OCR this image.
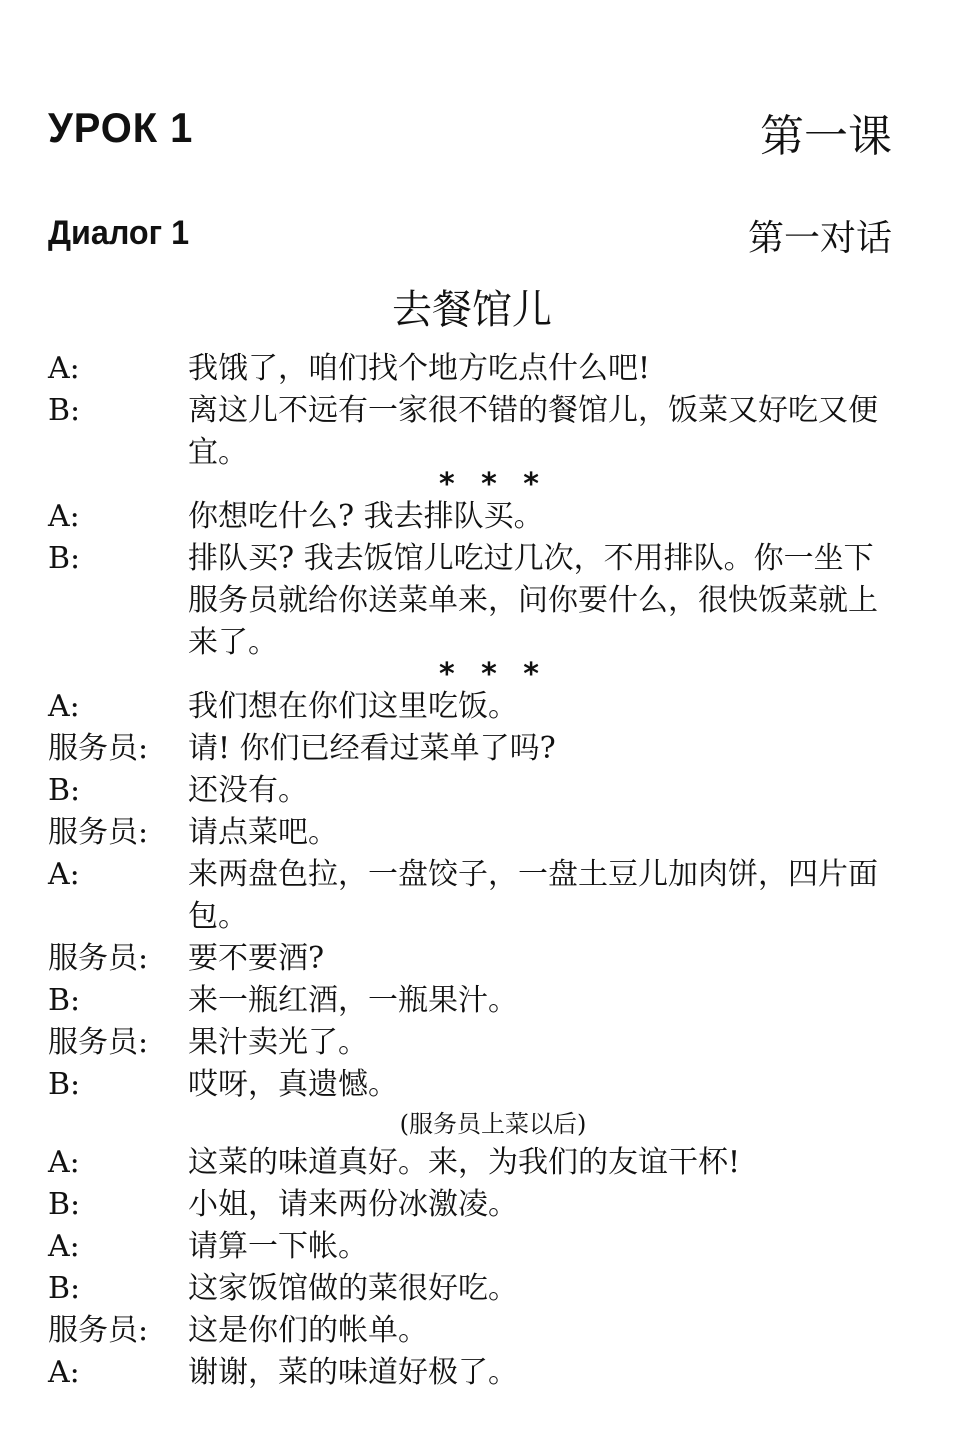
УРОК 1	第一课
Диалог 1	第一对话
去餐馆儿
A:	我饿了，咱们找个地方吃点什么吧!
B:	离这儿不远有一家很不错的餐馆儿，饭菜又好吃又便宜。
* * *
A:	你想吃什么? 我去排队买。
B:	排队买? 我去饭馆儿吃过几次，不用排队。你一坐下服务员就给你送菜单来，问你要什么，很快饭菜就上来了。
* * *
A:	我们想在你们这里吃饭。
服务员:	请! 你们已经看过菜单了吗?
B:	还没有。
服务员:	请点菜吧。
A:	来两盘色拉，一盘饺子，一盘土豆儿加肉饼，四片面包。
服务员:	要不要酒?
B:	来一瓶红酒，一瓶果汁。
服务员:	果汁卖光了。
B:	哎呀，真遗憾。
(服务员上菜以后)
A:	这菜的味道真好。来，为我们的友谊干杯!
B:	小姐，请来两份冰激凌。
A:	请算一下帐。
B:	这家饭馆做的菜很好吃。
服务员:	这是你们的帐单。
A:	谢谢，菜的味道好极了。
